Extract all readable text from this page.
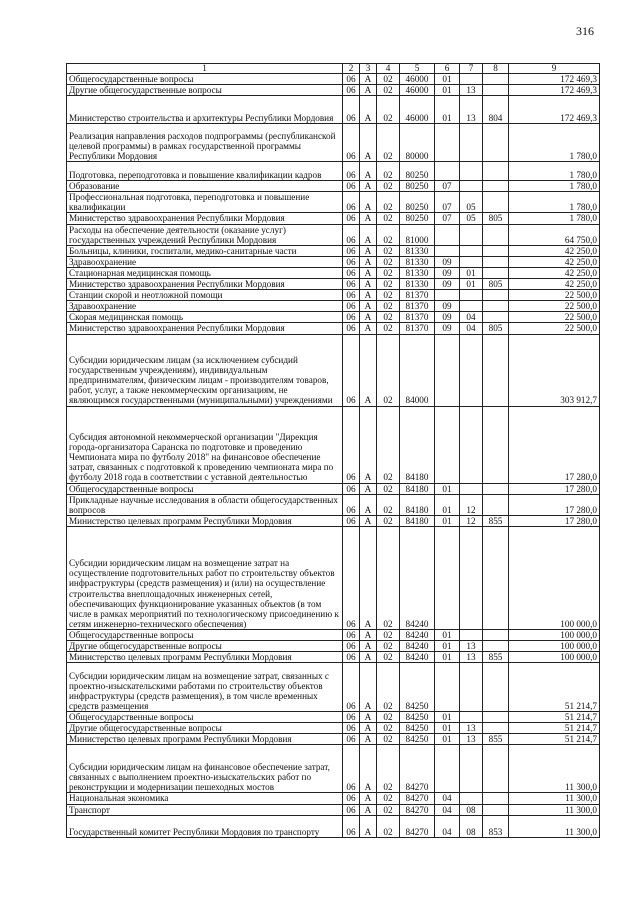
316
1	2	3	4	5	6	7	8	9
Общегосударственные вопросы	06	А	02	46000	01			172 469,3
Другие общегосударственные вопросы	06	А	02	46000	01	13		172 469,3
Министерство строительства и архитектуры Республики Мордовия	06	А	02	46000	01	13	804	172 469,3
Реализация направления расходов подпрограммы (республиканской целевой программы) в рамках государственной программы Республики Мордовия	06	А	02	80000				1 780,0
Подготовка, переподготовка и повышение квалификации кадров	06	А	02	80250				1 780,0
Образование	06	А	02	80250	07			1 780,0
Профессиональная подготовка, переподготовка и повышение квалификации	06	А	02	80250	07	05		1 780,0
Министерство здравоохранения Республики Мордовия	06	А	02	80250	07	05	805	1 780,0
Расходы на обеспечение деятельности (оказание услуг) государственных учреждений Республики Мордовия	06	А	02	81000				64 750,0
Больницы, клиники, госпитали, медико-санитарные части	06	А	02	81330				42 250,0
Здравоохранение	06	А	02	81330	09			42 250,0
Стационарная медицинская помощь	06	А	02	81330	09	01		42 250,0
Министерство здравоохранения Республики Мордовия	06	А	02	81330	09	01	805	42 250,0
Станции скорой и неотложной помощи	06	А	02	81370				22 500,0
Здравоохранение	06	А	02	81370	09			22 500,0
Скорая медицинская помощь	06	А	02	81370	09	04		22 500,0
Министерство здравоохранения Республики Мордовия	06	А	02	81370	09	04	805	22 500,0
Субсидии юридическим лицам (за исключением субсидий государственным учреждениям), индивидуальным предпринимателям, физическим лицам - производителям товаров, работ, услуг, а также некоммерческим организациям, не являющимся государственными (муниципальными) учреждениями	06	А	02	84000				303 912,7
Субсидия автономной некоммерческой организации "Дирекция города-организатора Саранска по подготовке и проведению Чемпионата мира по футболу 2018" на финансовое обеспечение затрат, связанных с подготовкой к проведению чемпионата мира по футболу 2018 года в соответствии с уставной деятельностью	06	А	02	84180				17 280,0
Общегосударственные вопросы	06	А	02	84180	01			17 280,0
Прикладные научные исследования в области общегосударственных вопросов	06	А	02	84180	01	12		17 280,0
Министерство целевых программ Республики Мордовия	06	А	02	84180	01	12	855	17 280,0
Субсидии юридическим лицам на возмещение затрат на осуществление подготовительных работ по строительству объектов инфраструктуры (средств размещения) и (или) на осуществление строительства внеплощадочных инженерных сетей, обеспечивающих функционирование указанных объектов (в том числе в рамках мероприятий по технологическому присоединению к сетям инженерно-технического обеспечения)	06	А	02	84240				100 000,0
Общегосударственные вопросы	06	А	02	84240	01			100 000,0
Другие общегосударственные вопросы	06	А	02	84240	01	13		100 000,0
Министерство целевых программ Республики Мордовия	06	А	02	84240	01	13	855	100 000,0
Субсидии юридическим лицам на возмещение затрат, связанных с проектно-изыскательскими работами по строительству объектов инфраструктуры (средств размещения), в том числе временных средств размещения	06	А	02	84250				51 214,7
Общегосударственные вопросы	06	А	02	84250	01			51 214,7
Другие общегосударственные вопросы	06	А	02	84250	01	13		51 214,7
Министерство целевых программ Республики Мордовия	06	А	02	84250	01	13	855	51 214,7
Субсидии юридическим лицам на финансовое обеспечение затрат, связанных с выполнением проектно-изыскательских работ по реконструкции и модернизации пешеходных мостов	06	А	02	84270				11 300,0
Национальная экономика	06	А	02	84270	04			11 300,0
Транспорт	06	А	02	84270	04	08		11 300,0
Государственный комитет Республики Мордовия по транспорту	06	А	02	84270	04	08	853	11 300,0
